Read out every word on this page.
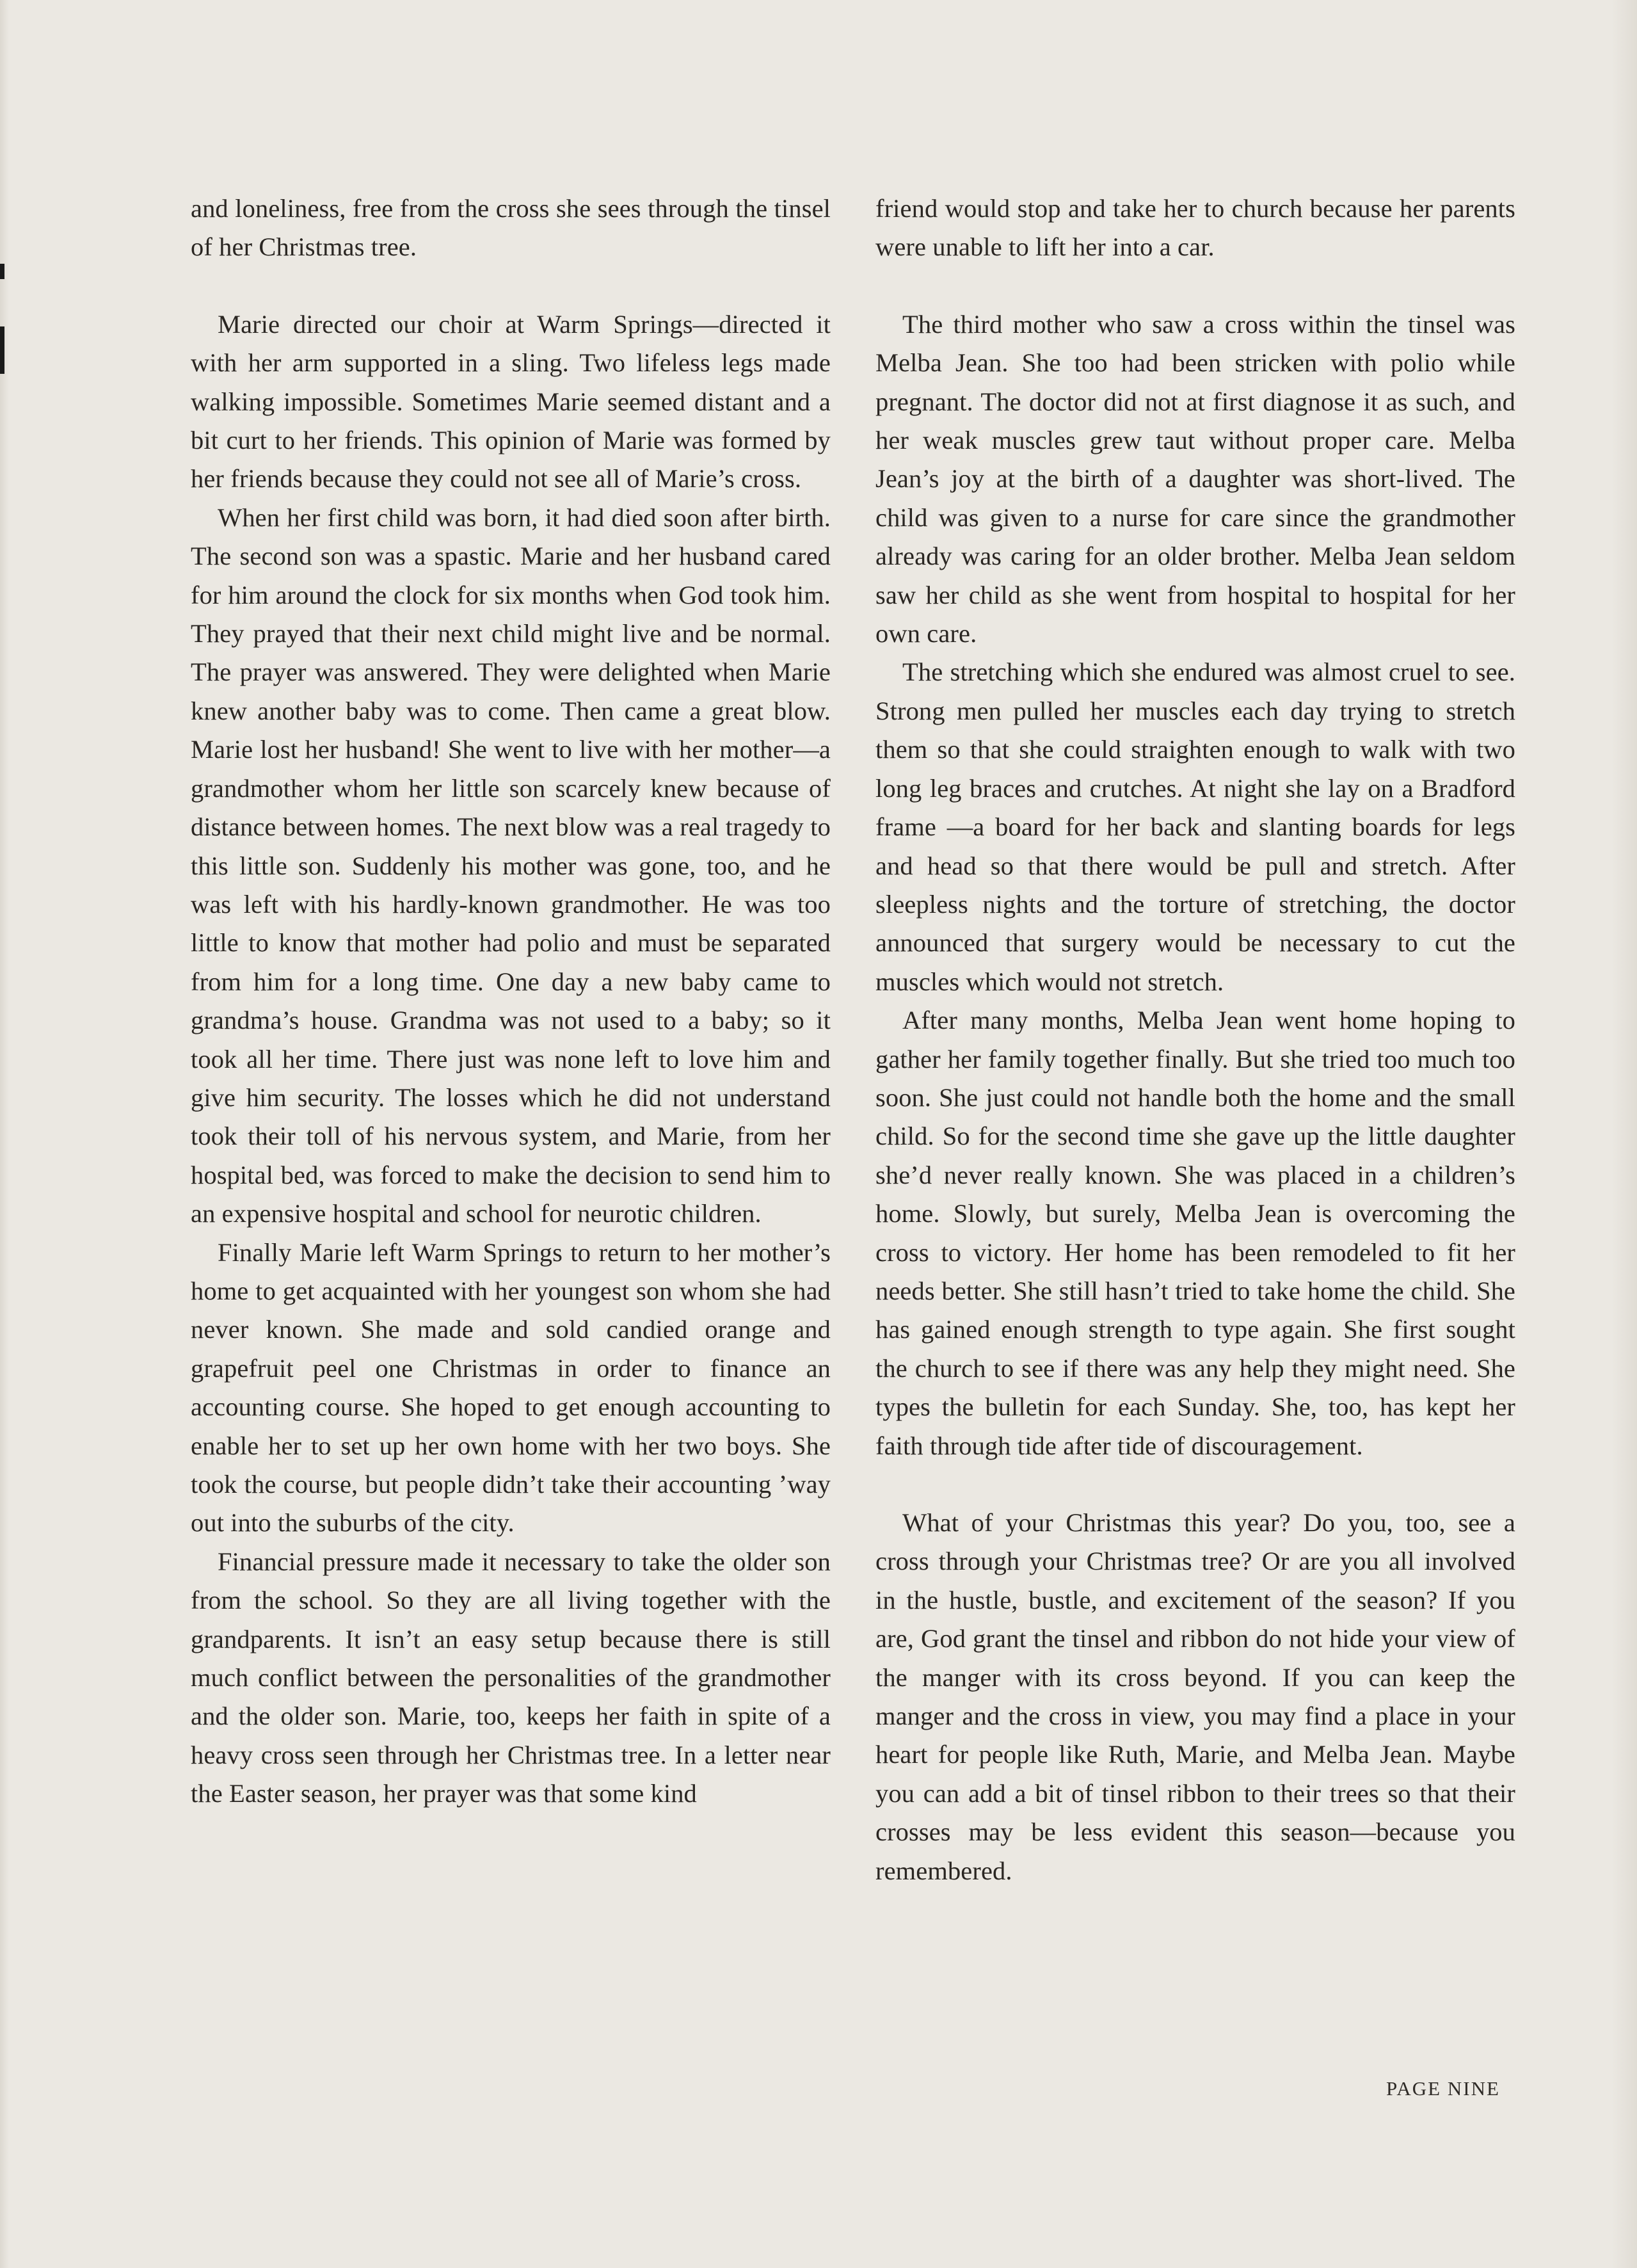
and loneliness, free from the cross she sees through the tinsel of her Christmas tree.

Marie directed our choir at Warm Springs—directed it with her arm supported in a sling. Two lifeless legs made walking impossible. Sometimes Marie seemed distant and a bit curt to her friends. This opinion of Marie was formed by her friends because they could not see all of Marie’s cross.

When her first child was born, it had died soon after birth. The second son was a spastic. Marie and her husband cared for him around the clock for six months when God took him. They prayed that their next child might live and be normal. The prayer was answered. They were delighted when Marie knew another baby was to come. Then came a great blow. Marie lost her husband! She went to live with her mother—a grandmother whom her little son scarcely knew because of distance between homes. The next blow was a real tragedy to this little son. Suddenly his mother was gone, too, and he was left with his hardly-known grandmother. He was too little to know that mother had polio and must be separated from him for a long time. One day a new baby came to grandma’s house. Grandma was not used to a baby; so it took all her time. There just was none left to love him and give him security. The losses which he did not understand took their toll of his nervous system, and Marie, from her hospital bed, was forced to make the decision to send him to an expensive hospital and school for neurotic children.

Finally Marie left Warm Springs to return to her mother’s home to get acquainted with her youngest son whom she had never known. She made and sold candied orange and grapefruit peel one Christmas in order to finance an accounting course. She hoped to get enough accounting to enable her to set up her own home with her two boys. She took the course, but people didn’t take their accounting ’way out into the suburbs of the city.

Financial pressure made it necessary to take the older son from the school. So they are all living together with the grandparents. It isn’t an easy setup because there is still much conflict between the personalities of the grandmother and the older son. Marie, too, keeps her faith in spite of a heavy cross seen through her Christmas tree. In a letter near the Easter season, her prayer was that some kind

friend would stop and take her to church because her parents were unable to lift her into a car.

The third mother who saw a cross within the tinsel was Melba Jean. She too had been stricken with polio while pregnant. The doctor did not at first diagnose it as such, and her weak muscles grew taut without proper care. Melba Jean’s joy at the birth of a daughter was short-lived. The child was given to a nurse for care since the grandmother already was caring for an older brother. Melba Jean seldom saw her child as she went from hospital to hospital for her own care.

The stretching which she endured was almost cruel to see. Strong men pulled her muscles each day trying to stretch them so that she could straighten enough to walk with two long leg braces and crutches. At night she lay on a Bradford frame —a board for her back and slanting boards for legs and head so that there would be pull and stretch. After sleepless nights and the torture of stretching, the doctor announced that surgery would be necessary to cut the muscles which would not stretch.

After many months, Melba Jean went home hoping to gather her family together finally. But she tried too much too soon. She just could not handle both the home and the small child. So for the second time she gave up the little daughter she’d never really known. She was placed in a children’s home. Slowly, but surely, Melba Jean is overcoming the cross to victory. Her home has been remodeled to fit her needs better. She still hasn’t tried to take home the child. She has gained enough strength to type again. She first sought the church to see if there was any help they might need. She types the bulletin for each Sunday. She, too, has kept her faith through tide after tide of discouragement.

What of your Christmas this year? Do you, too, see a cross through your Christmas tree? Or are you all involved in the hustle, bustle, and excitement of the season? If you are, God grant the tinsel and ribbon do not hide your view of the manger with its cross beyond. If you can keep the manger and the cross in view, you may find a place in your heart for people like Ruth, Marie, and Melba Jean. Maybe you can add a bit of tinsel ribbon to their trees so that their crosses may be less evident this season—because you remembered.

PAGE NINE
